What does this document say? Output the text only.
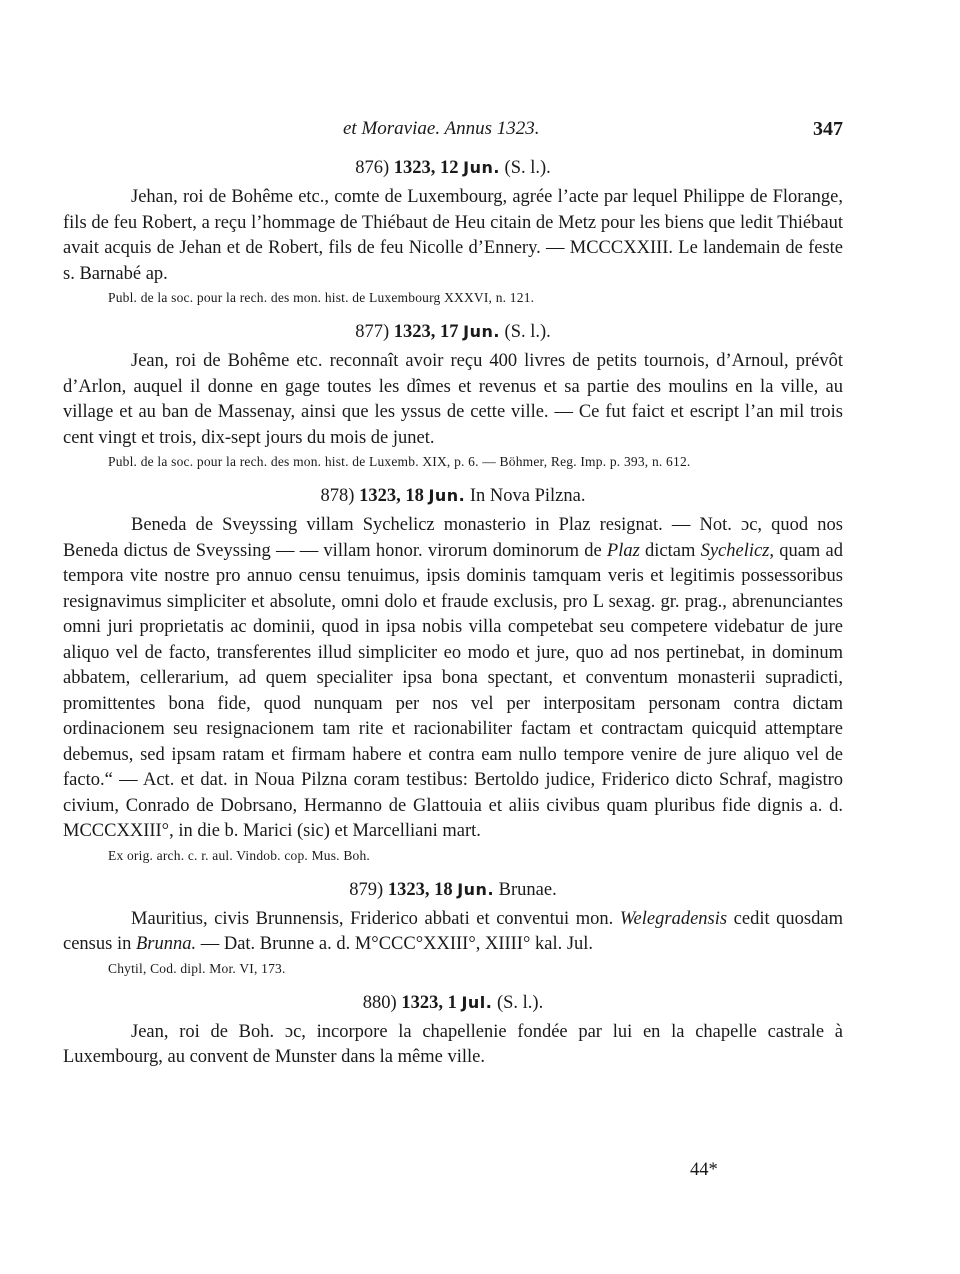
et Moraviae. Annus 1323.	347
876) 1323, 12 Jun. (S. l.).

Jehan, roi de Bohême etc., comte de Luxembourg, agrée l’acte par lequel Philippe de Florange, fils de feu Robert, a reçu l’hommage de Thiébaut de Heu citain de Metz pour les biens que ledit Thiébaut avait acquis de Jehan et de Robert, fils de feu Nicolle d’Ennery. — MCCCXXIII. Le landemain de feste s. Barnabé ap.

Publ. de la soc. pour la rech. des mon. hist. de Luxembourg XXXVI, n. 121.
877) 1323, 17 Jun. (S. l.).

Jean, roi de Bohême etc. reconnaît avoir reçu 400 livres de petits tournois, d’Arnoul, prévôt d’Arlon, auquel il donne en gage toutes les dîmes et revenus et sa partie des moulins en la ville, au village et au ban de Massenay, ainsi que les yssus de cette ville. — Ce fut faict et escript l’an mil trois cent vingt et trois, dix-sept jours du mois de junet.

Publ. de la soc. pour la rech. des mon. hist. de Luxemb. XIX, p. 6. — Böhmer, Reg. Imp. p. 393, n. 612.
878) 1323, 18 Jun. In Nova Pilzna.

Beneda de Sveyssing villam Sychelicz monasterio in Plaz resignat. — Not. ɔc, quod nos Beneda dictus de Sveyssing — — villam honor. virorum dominorum de Plaz dictam Sychelicz, quam ad tempora vite nostre pro annuo censu tenuimus, ipsis dominis tamquam veris et legitimis possessoribus resignavimus simpliciter et absolute, omni dolo et fraude exclusis, pro L sexag. gr. prag., abrenunciantes omni juri proprietatis ac dominii, quod in ipsa nobis villa competebat seu competere videbatur de jure aliquo vel de facto, transferentes illud simpliciter eo modo et jure, quo ad nos pertinebat, in dominum abbatem, cellerarium, ad quem specialiter ipsa bona spectant, et conventum monasterii supradicti, promittentes bona fide, quod nunquam per nos vel per interpositam personam contra dictam ordinacionem seu resignacionem tam rite et racionabiliter factam et contractam quicquid attemptare debemus, sed ipsam ratam et firmam habere et contra eam nullo tempore venire de jure aliquo vel de facto.“ — Act. et dat. in Noua Pilzna coram testibus: Bertoldo judice, Friderico dicto Schraf, magistro civium, Conrado de Dobrsano, Hermanno de Glattouia et aliis civibus quam pluribus fide dignis a. d. MCCCXXIII°, in die b. Marici (sic) et Marcelliani mart.

Ex orig. arch. c. r. aul. Vindob. cop. Mus. Boh.
879) 1323, 18 Jun. Brunae.

Mauritius, civis Brunnensis, Friderico abbati et conventui mon. Welegradensis cedit quosdam census in Brunna. — Dat. Brunne a. d. M°CCC°XXIII°, XIIII° kal. Jul.

Chytil, Cod. dipl. Mor. VI, 173.
880) 1323, 1 Jul. (S. l.).

Jean, roi de Boh. ɔc, incorpore la chapellenie fondée par lui en la chapelle castrale à Luxembourg, au convent de Munster dans la même ville.

44*
